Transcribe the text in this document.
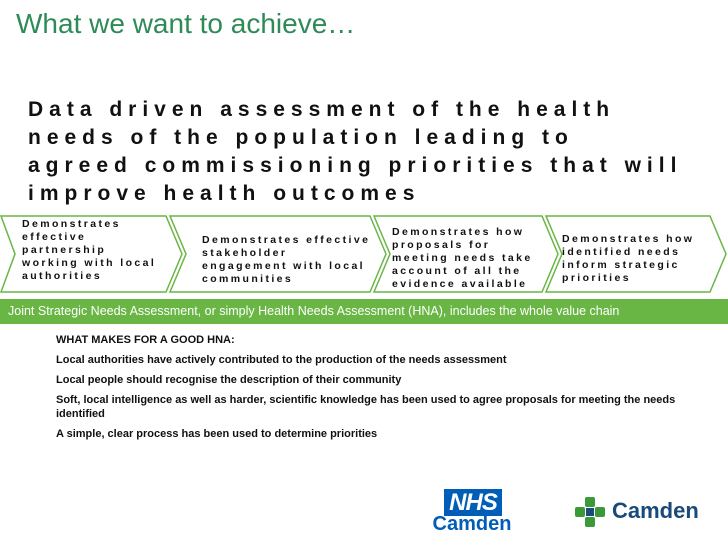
What we want to achieve…
Data driven assessment of the health needs of the population leading to agreed commissioning priorities that will improve health outcomes
Demonstrates effective partnership working with local authorities
Demonstrates effective stakeholder engagement with local communities
Demonstrates how proposals for meeting needs take account of all the evidence available
Demonstrates how identified needs inform strategic priorities
Joint Strategic Needs Assessment, or simply Health Needs Assessment (HNA), includes the whole value chain

WHAT MAKES FOR A GOOD HNA:

Local authorities have actively contributed to the production of the needs assessment

Local people should recognise the description of their community

Soft, local intelligence as well as harder, scientific knowledge has been used to agree proposals for meeting the needs identified

A simple, clear process has been used to determine priorities

NHS
Camden
Camden
